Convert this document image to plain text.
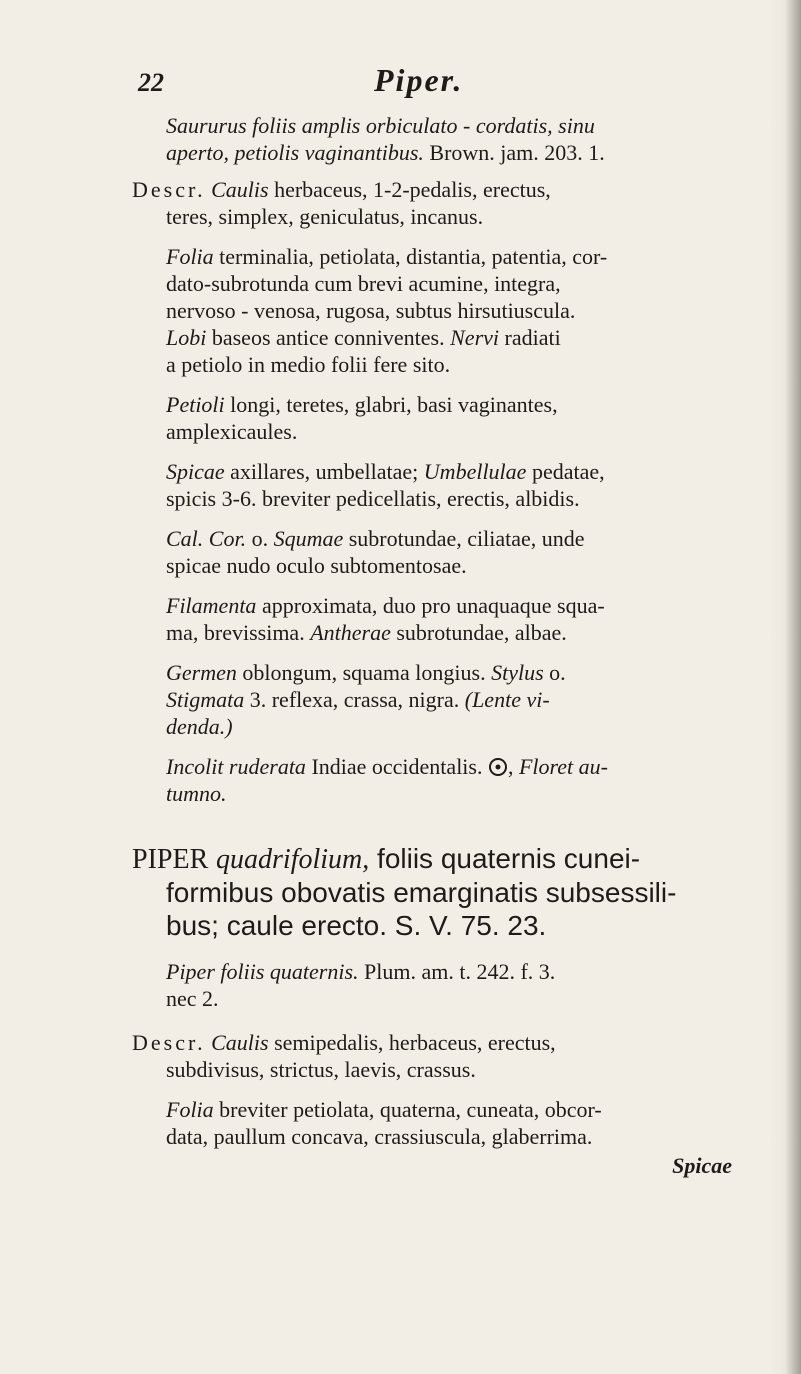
22	Piper.

Saururus foliis amplis orbiculato - cordatis, sinu

aperto, petiolis vaginantibus. Brown. jam. 203. 1.

Descr. Caulis herbaceus, 1-2-pedalis, erectus,

teres, simplex, geniculatus, incanus.

Folia terminalia, petiolata, distantia, patentia, cor-

dato-subrotunda cum brevi acumine, integra,

nervoso - venosa, rugosa, subtus hirsutiuscula.

Lobi baseos antice conniventes. Nervi radiati

a petiolo in medio folii fere sito.

Petioli longi, teretes, glabri, basi vaginantes,

amplexicaules.

Spicae axillares, umbellatae; Umbellulae pedatae,

spicis 3-6. breviter pedicellatis, erectis, albidis.

Cal. Cor. o. Squmae subrotundae, ciliatae, unde

spicae nudo oculo subtomentosae.

Filamenta approximata, duo pro unaquaque squa-

ma, brevissima. Antherae subrotundae, albae.

Germen oblongum, squama longius. Stylus o.

Stigmata 3. reflexa, crassa, nigra. (Lente vi-

denda.)

Incolit ruderata Indiae occidentalis. , Floret au-

tumno.

PIPER quadrifolium, foliis quaternis cunei-

formibus obovatis emarginatis subsessili-

bus; caule erecto. S. V. 75. 23.

Piper foliis quaternis. Plum. am. t. 242. f. 3.

nec 2.

Descr. Caulis semipedalis, herbaceus, erectus,

subdivisus, strictus, laevis, crassus.

Folia breviter petiolata, quaterna, cuneata, obcor-

data, paullum concava, crassiuscula, glaberrima.

Spicae
